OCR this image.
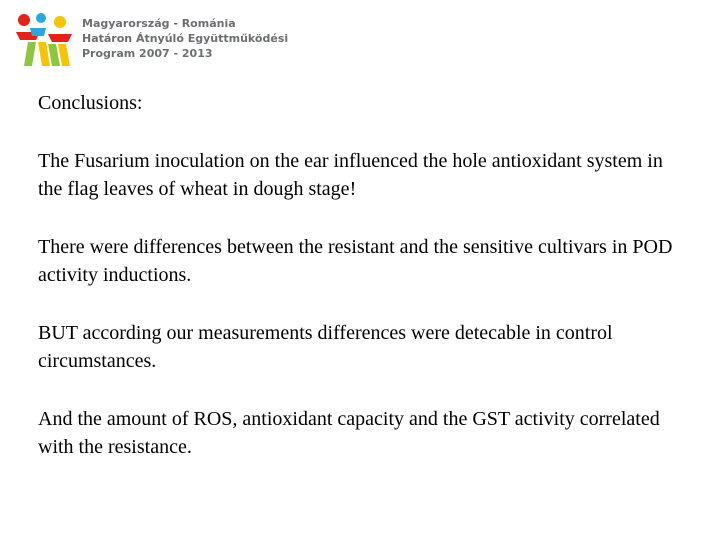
Magyarország - Románia
Határon Átnyúló Együttműködési
Program 2007 - 2013

Conclusions:

The Fusarium inoculation on the ear influenced the hole antioxidant system in the flag leaves of wheat in dough stage!

There were differences between the resistant and the sensitive cultivars in POD activity inductions.

BUT according our measurements differences were detecable in control circumstances.

And the amount of ROS, antioxidant capacity and the GST activity correlated with the resistance.
